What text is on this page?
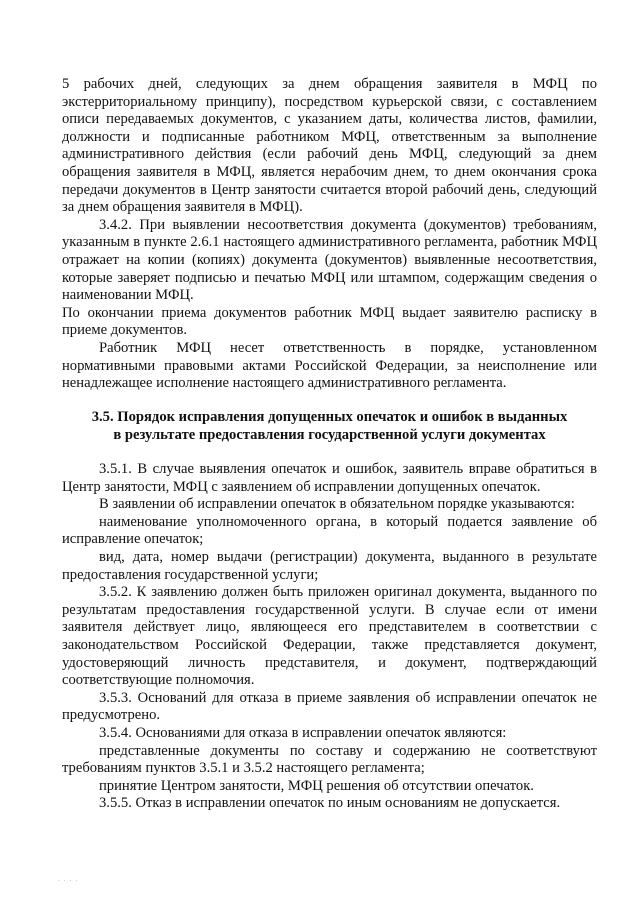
5 рабочих дней, следующих за днем обращения заявителя в МФЦ по экстерриториальному принципу), посредством курьерской связи, с составлением описи передаваемых документов, с указанием даты, количества листов, фамилии, должности и подписанные работником МФЦ, ответственным за выполнение административного действия (если рабочий день МФЦ, следующий за днем обращения заявителя в МФЦ, является нерабочим днем, то днем окончания срока передачи документов в Центр занятости считается второй рабочий день, следующий за днем обращения заявителя в МФЦ).

3.4.2. При выявлении несоответствия документа (документов) требованиям, указанным в пункте 2.6.1 настоящего административного регламента, работник МФЦ отражает на копии (копиях) документа (документов) выявленные несоответствия, которые заверяет подписью и печатью МФЦ или штампом, содержащим сведения о наименовании МФЦ.

По окончании приема документов работник МФЦ выдает заявителю расписку в приеме документов.

Работник МФЦ несет ответственность в порядке, установленном нормативными правовыми актами Российской Федерации, за неисполнение или ненадлежащее исполнение настоящего административного регламента.

3.5. Порядок исправления допущенных опечаток и ошибок в выданных
в результате предоставления государственной услуги документах

3.5.1. В случае выявления опечаток и ошибок, заявитель вправе обратиться в Центр занятости, МФЦ с заявлением об исправлении допущенных опечаток.

В заявлении об исправлении опечаток в обязательном порядке указываются:

наименование уполномоченного органа, в который подается заявление об исправление опечаток;

вид, дата, номер выдачи (регистрации) документа, выданного в результате предоставления государственной услуги;

3.5.2. К заявлению должен быть приложен оригинал документа, выданного по результатам предоставления государственной услуги. В случае если от имени заявителя действует лицо, являющееся его представителем в соответствии с законодательством Российской Федерации, также представляется документ, удостоверяющий личность представителя, и документ, подтверждающий соответствующие полномочия.

3.5.3. Оснований для отказа в приеме заявления об исправлении опечаток не предусмотрено.

3.5.4. Основаниями для отказа в исправлении опечаток являются:

представленные документы по составу и содержанию не соответствуют требованиям пунктов 3.5.1 и 3.5.2 настоящего регламента;

принятие Центром занятости, МФЦ решения об отсутствии опечаток.

3.5.5. Отказ в исправлении опечаток по иным основаниям не допускается.

. . . .
